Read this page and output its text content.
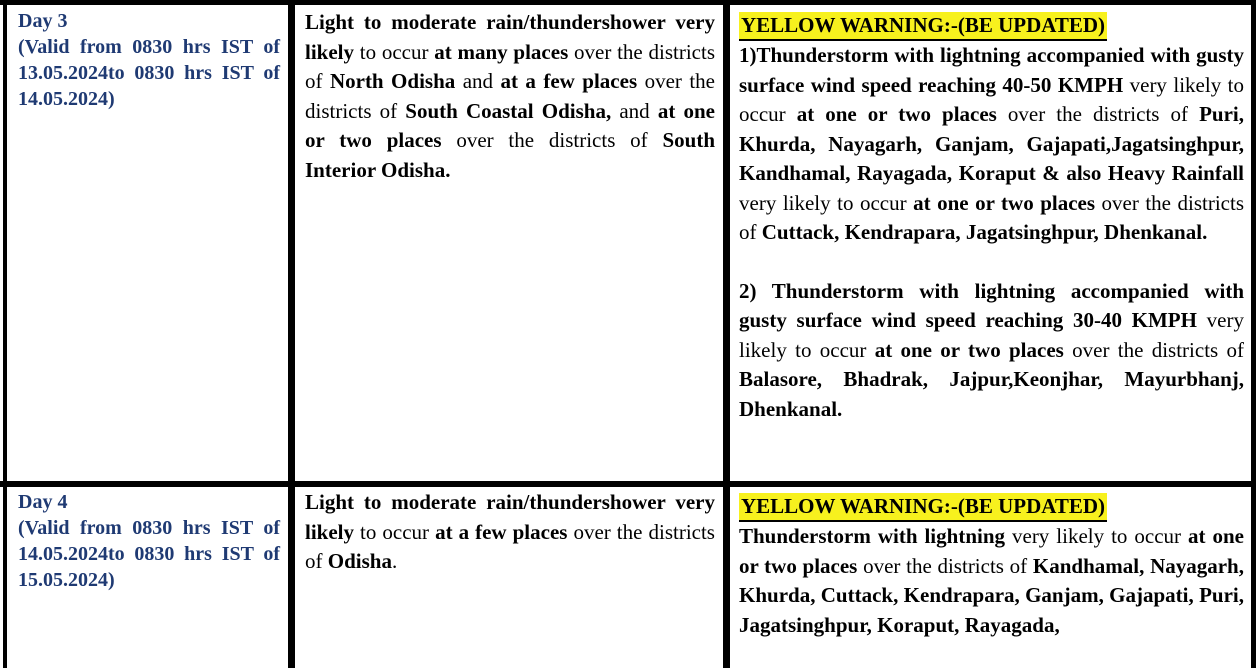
Day 3
(Valid from 0830 hrs IST of 13.05.2024to 0830 hrs IST of 14.05.2024)

Light to moderate rain/thundershower very likely to occur at many places over the districts of North Odisha and at a few places over the districts of South Coastal Odisha, and at one or two places over the districts of South Interior Odisha.

YELLOW WARNING:-(BE UPDATED)

1)Thunderstorm with lightning accompanied with gusty surface wind speed reaching 40-50 KMPH very likely to occur at one or two places over the districts of Puri, Khurda, Nayagarh, Ganjam, Gajapati,Jagatsinghpur, Kandhamal, Rayagada, Koraput & also Heavy Rainfall very likely to occur at one or two places over the districts of Cuttack, Kendrapara, Jagatsinghpur, Dhenkanal.

2) Thunderstorm with lightning accompanied with gusty surface wind speed reaching 30-40 KMPH very likely to occur at one or two places over the districts of Balasore, Bhadrak, Jajpur,Keonjhar, Mayurbhanj, Dhenkanal.

Day 4
(Valid from 0830 hrs IST of 14.05.2024to 0830 hrs IST of 15.05.2024)

Light to moderate rain/thundershower very likely to occur at a few places over the districts of Odisha.

YELLOW WARNING:-(BE UPDATED)

Thunderstorm with lightning very likely to occur at one or two places over the districts of Kandhamal, Nayagarh, Khurda, Cuttack, Kendrapara, Ganjam, Gajapati, Puri, Jagatsinghpur, Koraput, Rayagada,
